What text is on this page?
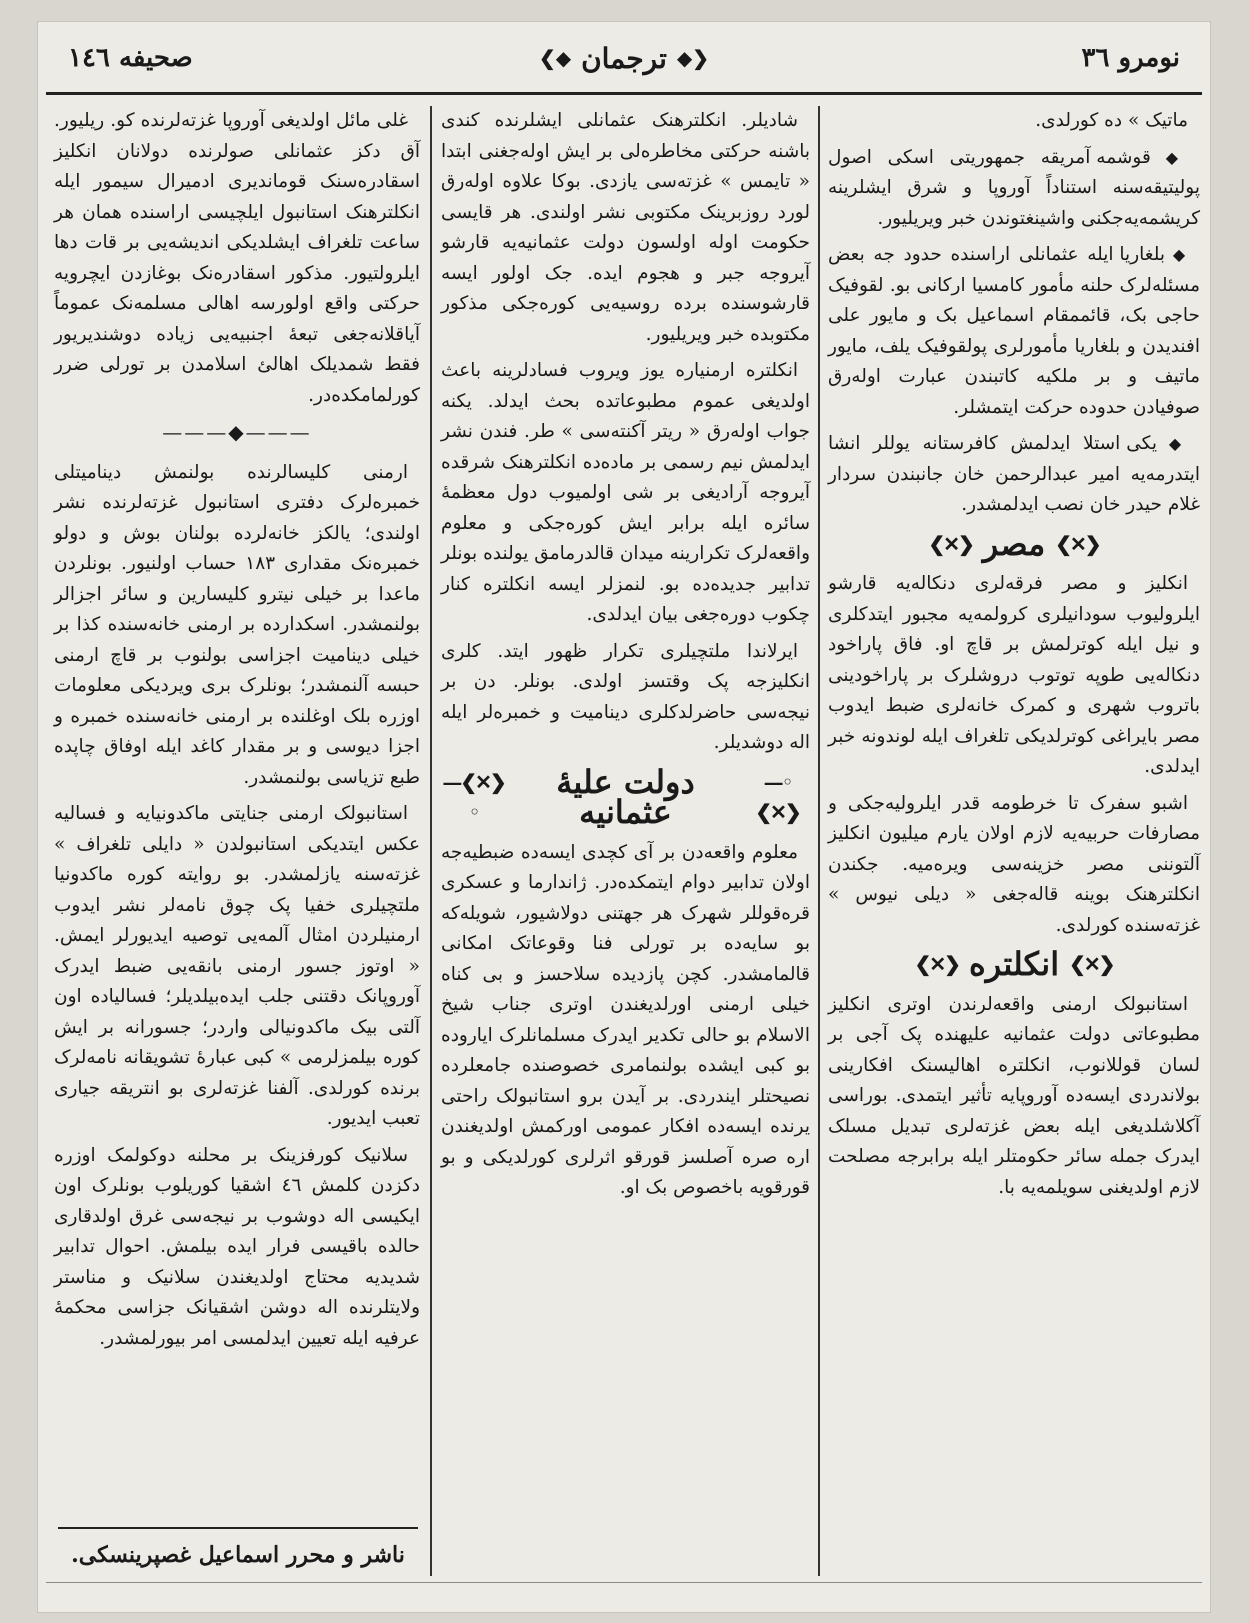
نومرو ٣٦
❮◆
ترجمان
◆❯
صحیفه ١٤٦

ماتیک » ده کورلدی.

◆ قوشمه آمریقه جمهوریتی اسکی اصول پولیتیقه‌سنه استناداً آوروپا و شرق ایشلرینه کریشمه‌یه‌جکنی واشینغتوندن خبر ویریلیور.

◆ بلغاریا ایله عثمانلی اراسنده حدود جه بعض مسئله‌لرک حلنه مأمور کامسیا ارکانی بو. لقوفیک حاجی بک، قائممقام اسماعیل بک و مایور علی افندیدن و بلغاریا مأمورلری پولقوفیک یلف، مایور ماتیف و بر ملکیه کاتبندن عبارت اوله‌رق صوفیادن حدوده حرکت ایتمشلر.

◆ یکی استلا ایدلمش کافرستانه یوللر انشا ایتدرمه‌یه امیر عبدالرحمن خان جانبندن سردار غلام حیدر خان نصب ایدلمشدر.

❮✕❯
مصر
❮✕❯

انکلیز و مصر فرقه‌لری دنکاله‌یه قارشو ایلرولیوب سودانیلری کرولمه‌یه مجبور ایتدکلری و نیل ایله کوترلمش بر قاچ او. فاق پاراخود دنکاله‌یی طوپه توتوب دروشلرک بر پاراخودینی باتروب شهری و کمرک خانه‌لری ضبط ایدوب مصر بایراغی کوترلدیکی تلغراف ایله لوندونه خبر ایدلدی.

اشبو سفرک تا خرطومه قدر ایلرولیه‌جکی و مصارفات حربیه‌یه لازم اولان یارم میلیون انکلیز آلتوننی مصر خزینه‌سی ویره‌میه. جکندن انکلترهنک بوینه قاله‌جغی « دیلی نیوس » غزته‌سنده کورلدی.

❮✕❯
انکلتره
❮✕❯

استانبولک ارمنی واقعه‌لرندن اوتری انکلیز مطبوعاتی دولت عثمانیه علیهنده پک آجی بر لسان قوللانوب، انکلتره اهالیسنک افکارینی بولاندردی ایسه‌ده آوروپایه تأثیر ایتمدی. بوراسی آکلاشلدیغی ایله بعض غزته‌لری تبدیل مسلک ایدرک جمله سائر حکومتلر ایله برابرجه مصلحت لازم اولدیغنی سویلمه‌یه با.

شادیلر. انکلترهنک عثمانلی ایشلرنده کندی باشنه حرکتی مخاطره‌لی بر ایش اوله‌جغنی ابتدا « تایمس » غزته‌سی یازدی. بوکا علاوه اوله‌رق لورد روزبرینک مکتوبی نشر اولندی. هر قایسی حکومت اوله اولسون دولت عثمانیه‌یه قارشو آیروجه جبر و هجوم ایده. جک اولور ایسه قارشوسنده برده روسیه‌یی کوره‌جکی مذکور مکتوبده خبر ویریلیور.

انکلتره ارمنیاره یوز ویروب فسادلرینه باعث اولدیغی عموم مطبوعاتده بحث ایدلد. یکنه جواب اوله‌رق « ریتر آکنته‌سی » طر. فندن نشر ایدلمش نیم رسمی بر ماده‌ده انکلترهنک شرقده آیروجه آرادیغی بر شی اولمیوب دول معظمهٔ سائره ایله برابر ایش کوره‌جکی و معلوم واقعه‌لرک تکرارینه میدان قالدرمامق یولنده بونلر تدابیر جدیده‌ده بو. لنمزلر ایسه انکلتره کنار چکوب دوره‌جغی بیان ایدلدی.

ایرلاندا ملتچیلری تکرار ظهور ایتد. کلری انکلیزجه پک وقتسز اولدی. بونلر. دن بر نیجه‌سی حاضرلدکلری دینامیت و خمبره‌لر ایله اله دوشدیلر.

◦—❮✕❯
دولت علیهٔ عثمانیه
❮✕❯—◦

معلوم واقعه‌دن بر آی کچدی ایسه‌ده ضبطیه‌جه اولان تدابیر دوام ایتمکده‌در. ژاندارما و عسکری قره‌قوللر شهرک هر جهتنی دولاشیور، شویله‌که بو سایه‌ده بر تورلی فنا وقوعاتک امکانی قالمامشدر. کچن پازدیده سلاحسز و بی کناه خیلی ارمنی اورلدیغندن اوتری جناب شیخ الاسلام بو حالی تکدیر ایدرک مسلمانلرک ایاروده بو کبی ایشده بولنمامری خصوصنده جامعلرده نصیحتلر ایندردی. بر آیدن برو استانبولک راحتی یرنده ایسه‌ده افکار عمومی اورکمش اولدیغندن اره صره آصلسز قورقو اثرلری کورلدیکی و بو قورقویه باخصوص بک او.

غلی مائل اولدیغی آوروپا غزته‌لرنده کو. ریلیور. آق دکز عثمانلی صولرنده دولانان انکلیز اسقادره‌سنک قوماندیری ادمیرال سیمور ایله انکلترهنک استانبول ایلچیسی اراسنده همان هر ساعت تلغراف ایشلدیکی اندیشه‌یی بر قات دها ایلرولتیور. مذکور اسقادره‌نک بوغازدن ایچرویه حرکتی واقع اولورسه اهالی مسلمه‌نک عموماً آیاقلانه‌جغی تبعهٔ اجنبیه‌یی زیاده دوشندیریور فقط شمدیلک اهالئ اسلامدن بر تورلی ضرر کورلمامکده‌در.

———◆———

ارمنی کلیسالرنده بولنمش دینامیتلی خمبره‌لرک دفتری استانبول غزته‌لرنده نشر اولندی؛ یالکز خانه‌لرده بولنان بوش و دولو خمبره‌نک مقداری ١٨٣ حساب اولنیور. بونلردن ماعدا بر خیلی نیترو کلیسارین و سائر اجزالر بولنمشدر. اسکدارده بر ارمنی خانه‌سنده کذا بر خیلی دینامیت اجزاسی بولنوب بر قاچ ارمنی حبسه آلنمشدر؛ بونلرک بری ویردیکی معلومات اوزره بلک اوغلنده بر ارمنی خانه‌سنده خمبره و اجزا دیوسی و بر مقدار کاغد ایله اوفاق چاپده طبع تزیاسی بولنمشدر.

استانبولک ارمنی جنایتی ماکدونیایه و فسالیه عکس ایتدیکی استانبولدن « دایلی تلغراف » غزته‌سنه یازلمشدر. بو روایته کوره ماکدونیا ملتچیلری خفیا پک چوق نامه‌لر نشر ایدوب ارمنیلردن امثال آلمه‌یی توصیه ایدیورلر ایمش. « اوتوز جسور ارمنی بانقه‌یی ضبط ایدرک آوروپانک دقتنی جلب ایده‌بیلدیلر؛ فسالیاده اون آلتی بیک ماکدونیالی واردر؛ جسورانه بر ایش کوره بیلمزلرمی » کبی عبارهٔ تشویقانه نامه‌لرک برنده کورلدی. آلفنا غزته‌لری بو انتریقه جیاری تعبب ایدیور.

سلانیک کورفزینک بر محلنه دوکولمک اوزره دکزدن کلمش ٤٦ اشقیا کوریلوب بونلرک اون ایکیسی اله دوشوب بر نیجه‌سی غرق اولدقاری حالده باقیسی فرار ایده بیلمش. احوال تدابیر شدیدیه محتاج اولدیغندن سلانیک و مناستر ولایتلرنده اله دوشن اشقیانک جزاسی محکمهٔ عرفیه ایله تعیین ایدلمسی امر بیورلمشدر.

ناشر و محرر اسماعیل غصپرینسکی.
